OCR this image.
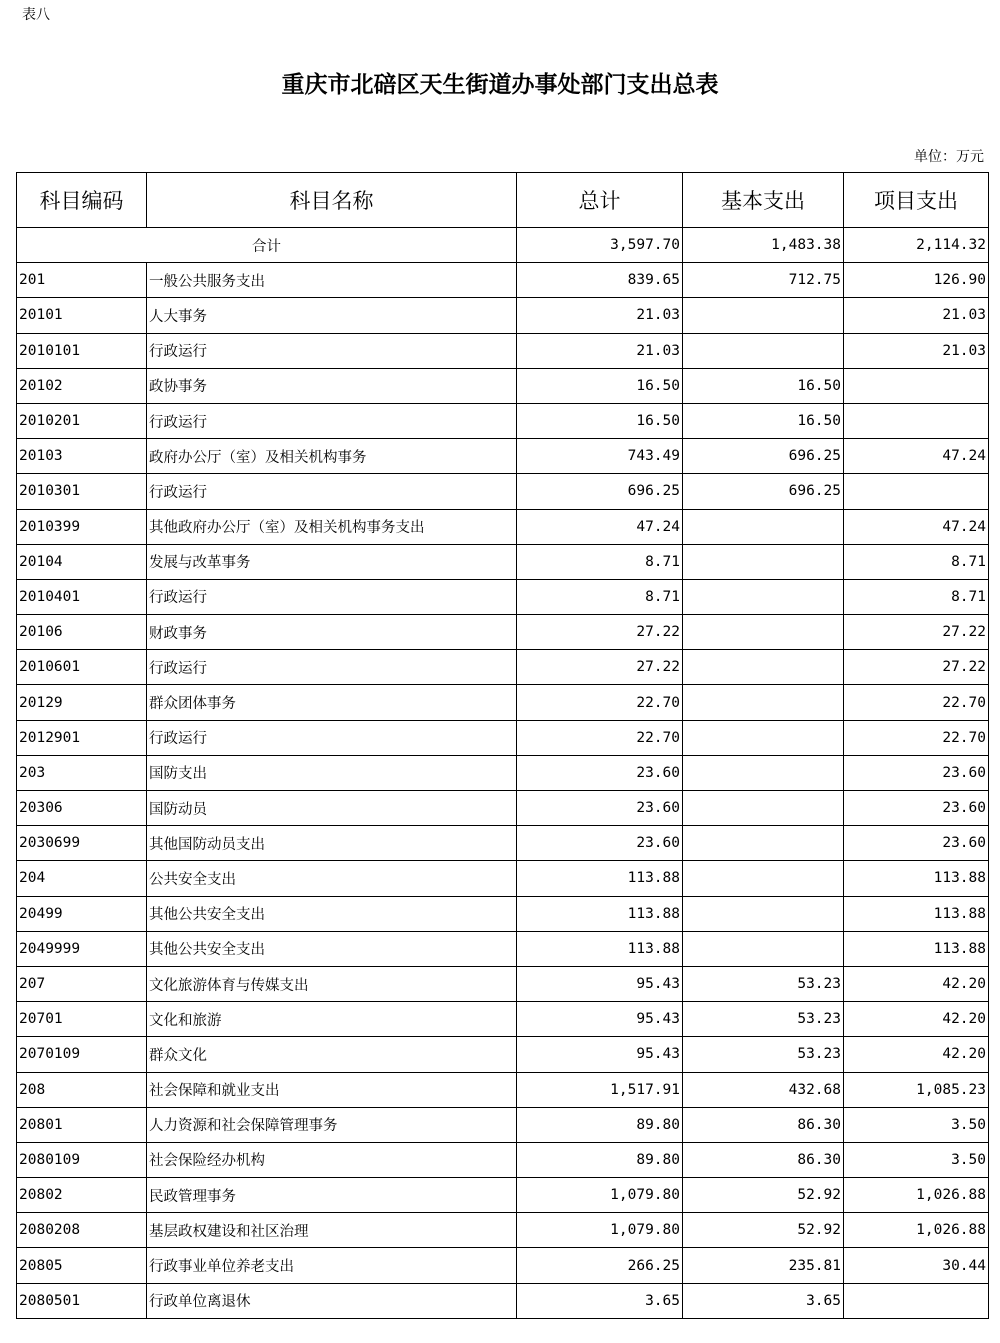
表八
重庆市北碚区天生街道办事处部门支出总表
单位：万元
科目编码	科目名称	总计	基本支出	项目支出
合计		3,597.70	1,483.38	2,114.32
201	一般公共服务支出	839.65	712.75	126.90
20101	人大事务	21.03		21.03
2010101	行政运行	21.03		21.03
20102	政协事务	16.50	16.50	
2010201	行政运行	16.50	16.50	
20103	政府办公厅（室）及相关机构事务	743.49	696.25	47.24
2010301	行政运行	696.25	696.25	
2010399	其他政府办公厅（室）及相关机构事务支出	47.24		47.24
20104	发展与改革事务	8.71		8.71
2010401	行政运行	8.71		8.71
20106	财政事务	27.22		27.22
2010601	行政运行	27.22		27.22
20129	群众团体事务	22.70		22.70
2012901	行政运行	22.70		22.70
203	国防支出	23.60		23.60
20306	国防动员	23.60		23.60
2030699	其他国防动员支出	23.60		23.60
204	公共安全支出	113.88		113.88
20499	其他公共安全支出	113.88		113.88
2049999	其他公共安全支出	113.88		113.88
207	文化旅游体育与传媒支出	95.43	53.23	42.20
20701	文化和旅游	95.43	53.23	42.20
2070109	群众文化	95.43	53.23	42.20
208	社会保障和就业支出	1,517.91	432.68	1,085.23
20801	人力资源和社会保障管理事务	89.80	86.30	3.50
2080109	社会保险经办机构	89.80	86.30	3.50
20802	民政管理事务	1,079.80	52.92	1,026.88
2080208	基层政权建设和社区治理	1,079.80	52.92	1,026.88
20805	行政事业单位养老支出	266.25	235.81	30.44
2080501	行政单位离退休	3.65	3.65	
